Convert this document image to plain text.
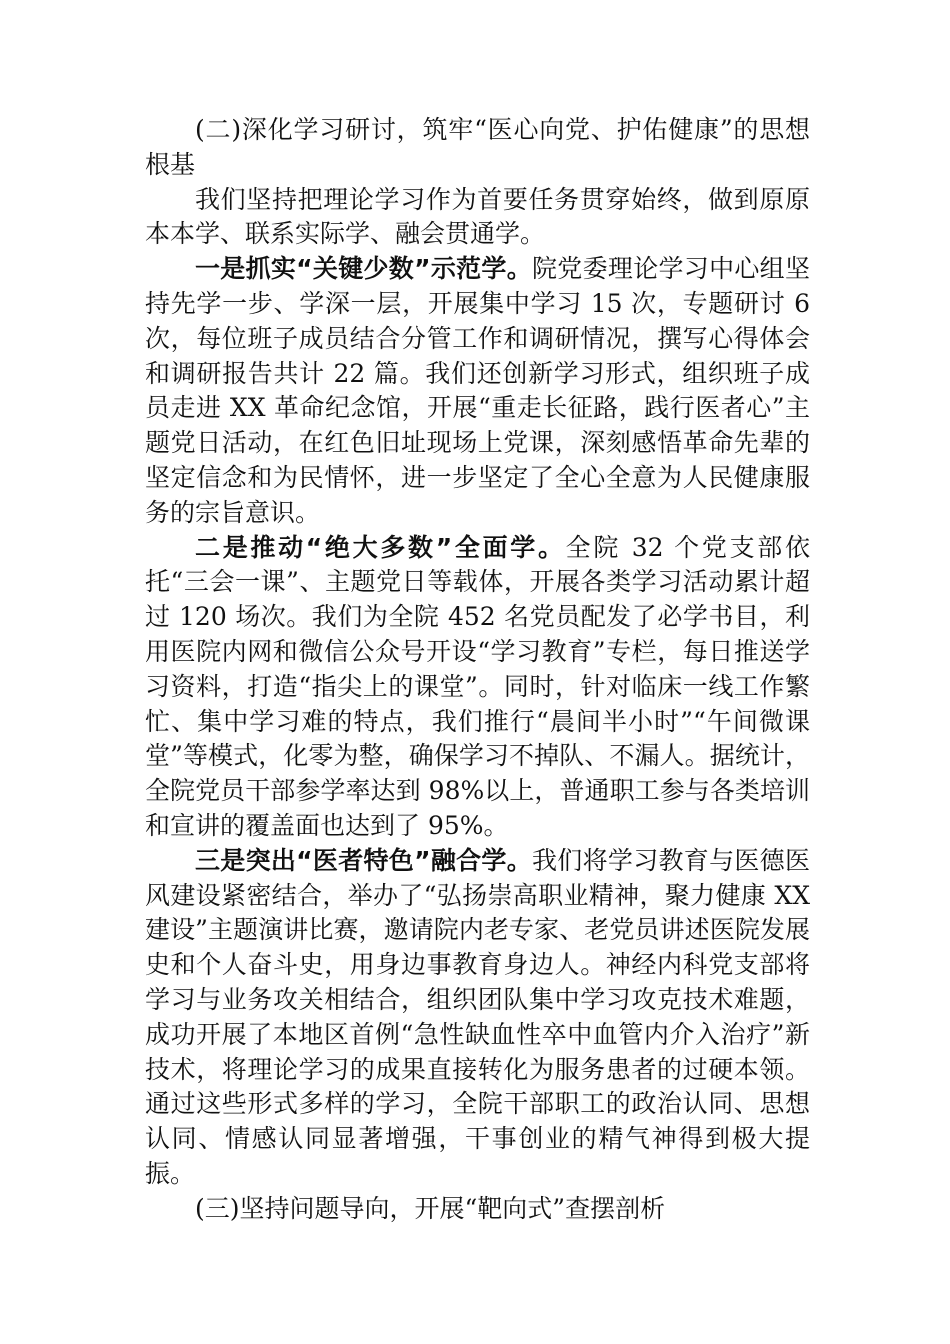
(二)深化学习研讨，筑牢“医心向党、护佑健康”的思想根基

我们坚持把理论学习作为首要任务贯穿始终，做到原原本本学、联系实际学、融会贯通学。

一是抓实“关键少数”示范学。院党委理论学习中心组坚持先学一步、学深一层，开展集中学习 15 次，专题研讨 6 次，每位班子成员结合分管工作和调研情况，撰写心得体会和调研报告共计 22 篇。我们还创新学习形式，组织班子成员走进 XX 革命纪念馆，开展“重走长征路，践行医者心”主题党日活动，在红色旧址现场上党课，深刻感悟革命先辈的坚定信念和为民情怀，进一步坚定了全心全意为人民健康服务的宗旨意识。

二是推动“绝大多数”全面学。全院 32 个党支部依托“三会一课”、主题党日等载体，开展各类学习活动累计超过 120 场次。我们为全院 452 名党员配发了必学书目，利用医院内网和微信公众号开设“学习教育”专栏，每日推送学习资料，打造“指尖上的课堂”。同时，针对临床一线工作繁忙、集中学习难的特点，我们推行“晨间半小时”“午间微课堂”等模式，化零为整，确保学习不掉队、不漏人。据统计，全院党员干部参学率达到 98%以上，普通职工参与各类培训和宣讲的覆盖面也达到了 95%。

三是突出“医者特色”融合学。我们将学习教育与医德医风建设紧密结合，举办了“弘扬崇高职业精神，聚力健康 XX 建设”主题演讲比赛，邀请院内老专家、老党员讲述医院发展史和个人奋斗史，用身边事教育身边人。神经内科党支部将学习与业务攻关相结合，组织团队集中学习攻克技术难题，成功开展了本地区首例“急性缺血性卒中血管内介入治疗”新技术，将理论学习的成果直接转化为服务患者的过硬本领。通过这些形式多样的学习，全院干部职工的政治认同、思想认同、情感认同显著增强，干事创业的精气神得到极大提振。

(三)坚持问题导向，开展“靶向式”查摆剖析
